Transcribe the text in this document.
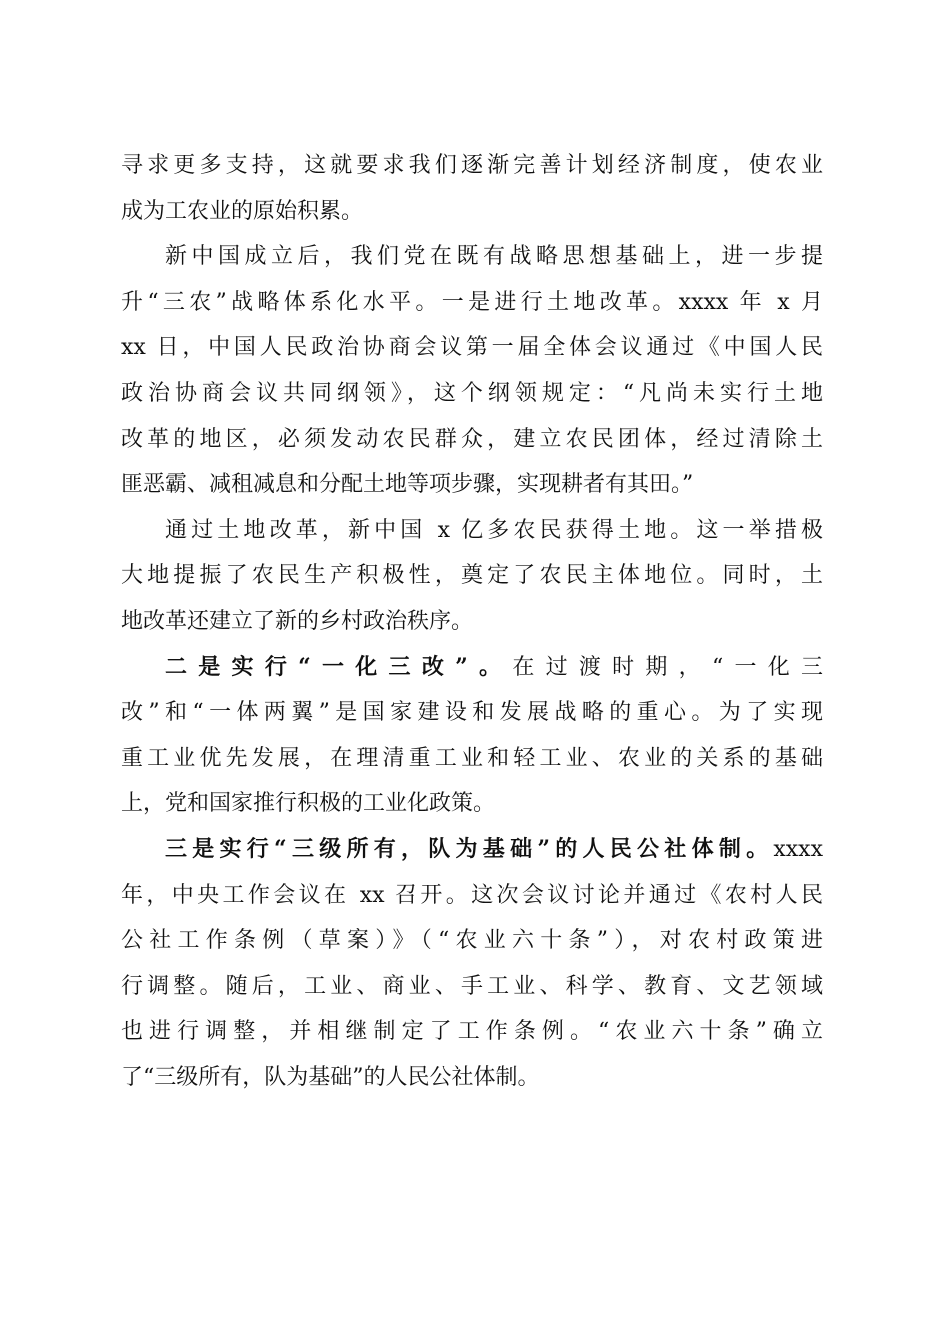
寻求更多支持，这就要求我们逐渐完善计划经济制度，使农业
成为工农业的原始积累。
新中国成立后，我们党在既有战略思想基础上，进一步提
升“三农”战略体系化水平。一是进行土地改革。xxxx 年 x 月
xx 日，中国人民政治协商会议第一届全体会议通过《中国人民
政治协商会议共同纲领》，这个纲领规定：“凡尚未实行土地
改革的地区，必须发动农民群众，建立农民团体，经过清除土
匪恶霸、减租减息和分配土地等项步骤，实现耕者有其田。”
通过土地改革，新中国 x 亿多农民获得土地。这一举措极
大地提振了农民生产积极性，奠定了农民主体地位。同时，土
地改革还建立了新的乡村政治秩序。
二是实行“一化三改”。在过渡时期，“一化三
改”和“一体两翼”是国家建设和发展战略的重心。为了实现
重工业优先发展，在理清重工业和轻工业、农业的关系的基础
上，党和国家推行积极的工业化政策。
三是实行“三级所有，队为基础”的人民公社体制。xxxx
年，中央工作会议在 xx 召开。这次会议讨论并通过《农村人民
公社工作条例（草案）》（“农业六十条”），对农村政策进
行调整。随后，工业、商业、手工业、科学、教育、文艺领域
也进行调整，并相继制定了工作条例。“农业六十条”确立
了“三级所有，队为基础”的人民公社体制。
